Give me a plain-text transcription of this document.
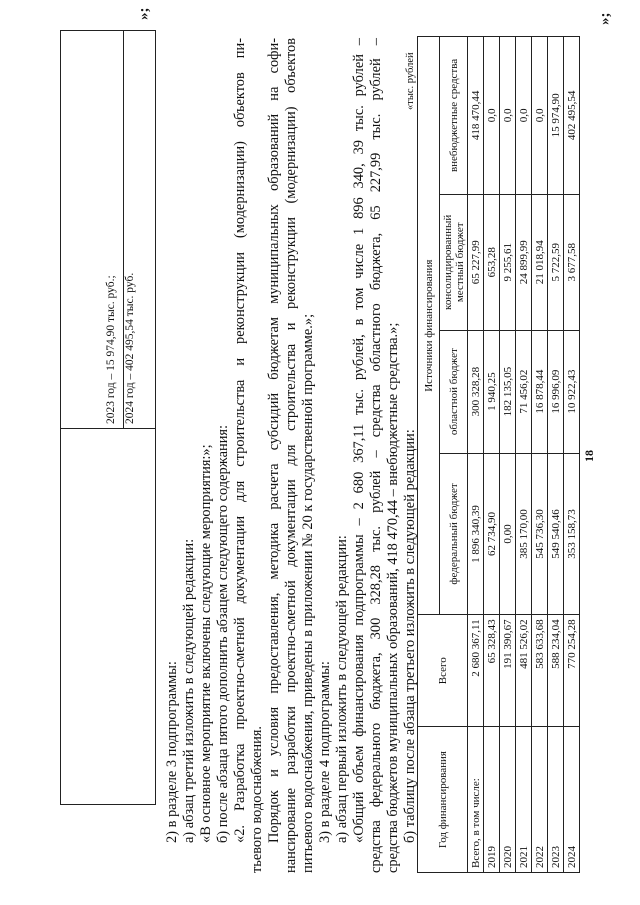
18
2023 год – 15 974,90 тыс. руб.; 2024 год – 402 495,54 тыс. руб.
»;
2) в разделе 3 подпрограммы: а) абзац третий изложить в следующей редакции: «В основное мероприятие включены следующие мероприятия:»; б) после абзаца пятого дополнить абзацем следующего содержания: «2. Разработка проектно-сметной документации для строительства и реконструкции (модернизации) объектов пи- тьевого водоснабжения. Порядок и условия предоставления, методика расчета субсидий бюджетам муниципальных образований на софи- нансирование разработки проектно-сметной документации для строительства и реконструкции (модернизации) объектов питьевого водоснабжения, приведены в приложении № 20 к государственной программе.»; 3) в разделе 4 подпрограммы: а) абзац первый изложить в следующей редакции: «Общий объем финансирования подпрограммы – 2 680 367,11 тыс. рублей, в том числе 1 896 340, 39 тыс. рублей – средства федерального бюджета, 300 328,28 тыс. рублей – средства областного бюджета, 65 227,99 тыс. рублей – средства бюджетов муниципальных образований, 418 470,44 – внебюджетные средства.»; б) таблицу после абзаца третьего изложить в следующей редакции:
«тыс. рублей
Год финансирования	Всего	Источники финансирования			
		федеральный бюджет	областной бюджет	консолидированный местный бюджет	внебюджетные средства
Всего, в том числе:	2 680 367,11	1 896 340,39	300 328,28	65 227,99	418 470,44
2019	65 328,43	62 734,90	1 940,25	653,28	0,0
2020	191 390,67	0,00	182 135,05	9 255,61	0,0
2021	481 526,02	385 170,00	71 456,02	24 899,99	0,0
2022	583 633,68	545 736,30	16 878,44	21 018,94	0,0
2023	588 234,04	549 540,46	16 996,09	5 722,59	15 974,90
2024	770 254,28	353 158,73	10 922,43	3 677,58	402 495,54
»;
